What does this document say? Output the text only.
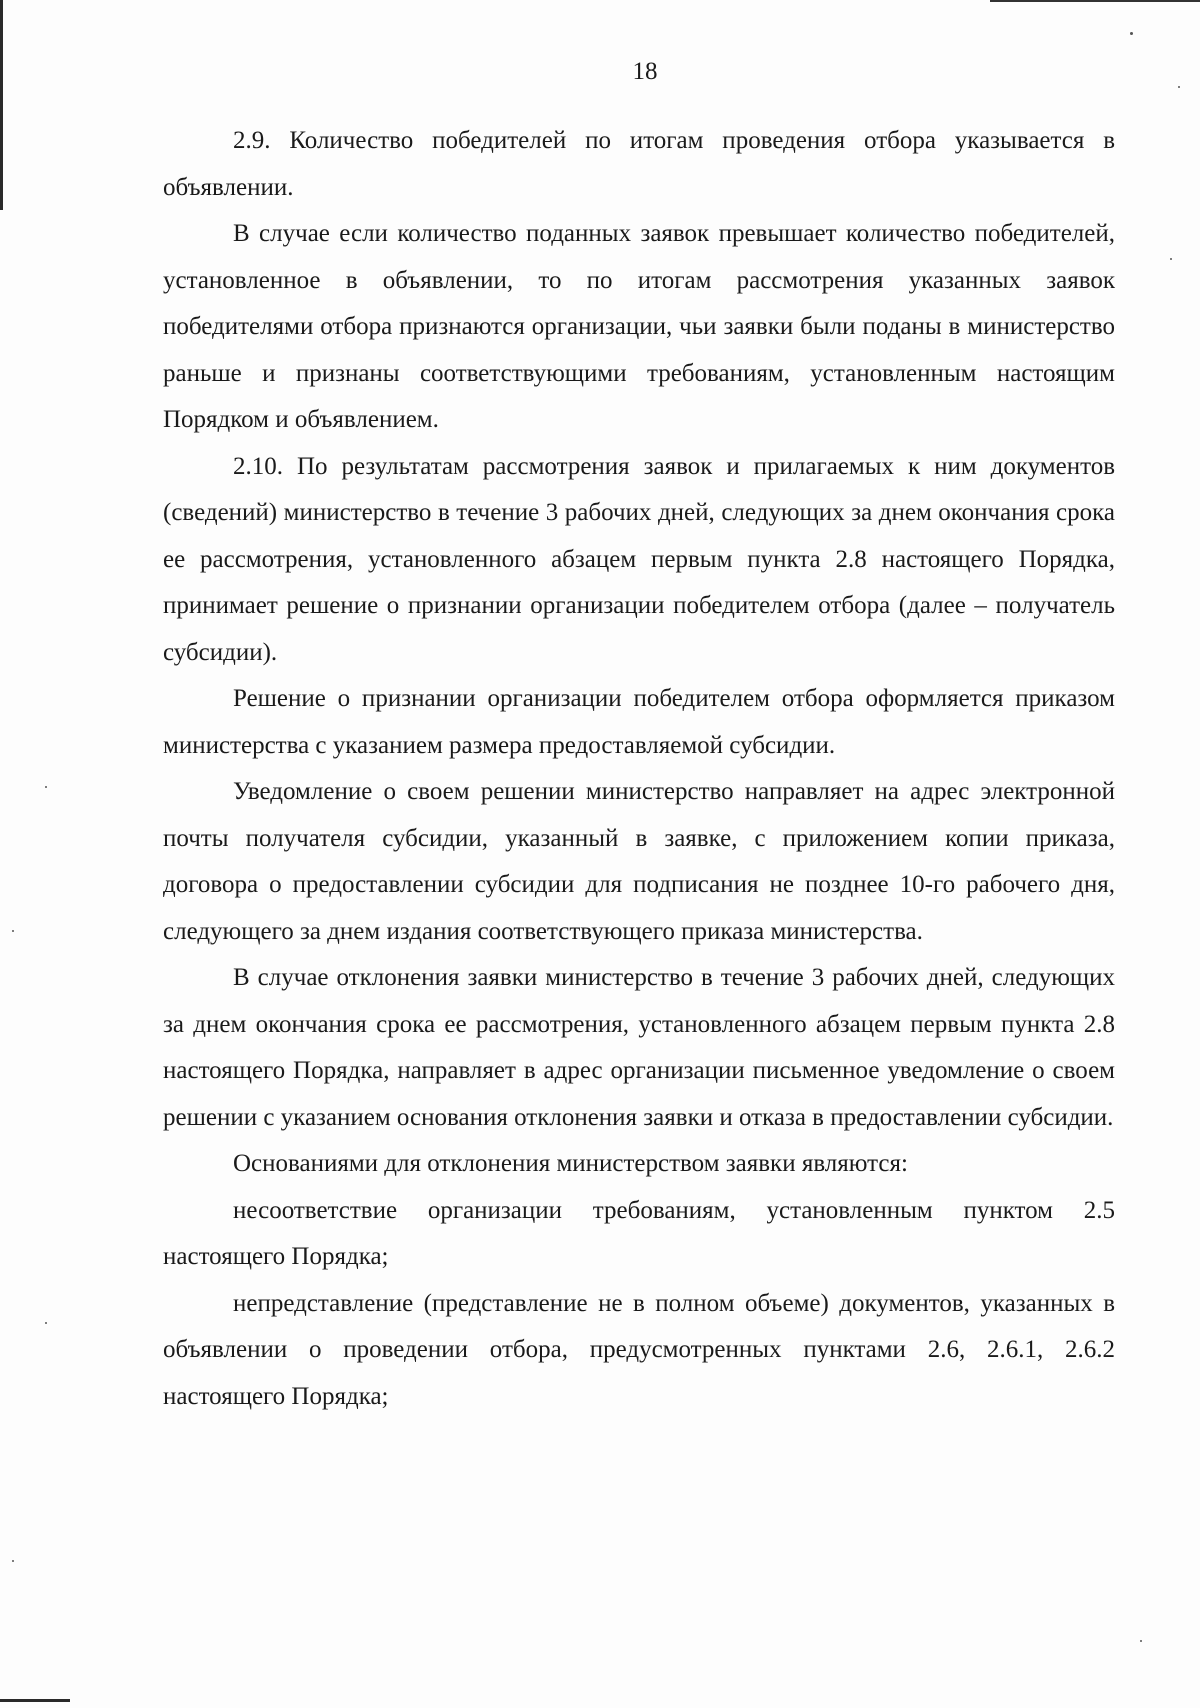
18

2.9. Количество победителей по итогам проведения отбора указывается в объявлении.

В случае если количество поданных заявок превышает количество победителей, установленное в объявлении, то по итогам рассмотрения указанных заявок победителями отбора признаются организации, чьи заявки были поданы в министерство раньше и признаны соответствующими требованиям, установленным настоящим Порядком и объявлением.

2.10. По результатам рассмотрения заявок и прилагаемых к ним документов (сведений) министерство в течение 3 рабочих дней, следующих за днем окончания срока ее рассмотрения, установленного абзацем первым пункта 2.8 настоящего Порядка, принимает решение о признании организации победителем отбора (далее – получатель субсидии).

Решение о признании организации победителем отбора оформляется приказом министерства с указанием размера предоставляемой субсидии.

Уведомление о своем решении министерство направляет на адрес электронной почты получателя субсидии, указанный в заявке, с приложением копии приказа, договора о предоставлении субсидии для подписания не позднее 10-го рабочего дня, следующего за днем издания соответствующего приказа министерства.

В случае отклонения заявки министерство в течение 3 рабочих дней, следующих за днем окончания срока ее рассмотрения, установленного абзацем первым пункта 2.8 настоящего Порядка, направляет в адрес организации письменное уведомление о своем решении с указанием основания отклонения заявки и отказа в предоставлении субсидии.

Основаниями для отклонения министерством заявки являются:

несоответствие организации требованиям, установленным пунктом 2.5 настоящего Порядка;

непредставление (представление не в полном объеме) документов, указанных в объявлении о проведении отбора, предусмотренных пунктами 2.6, 2.6.1, 2.6.2 настоящего Порядка;
